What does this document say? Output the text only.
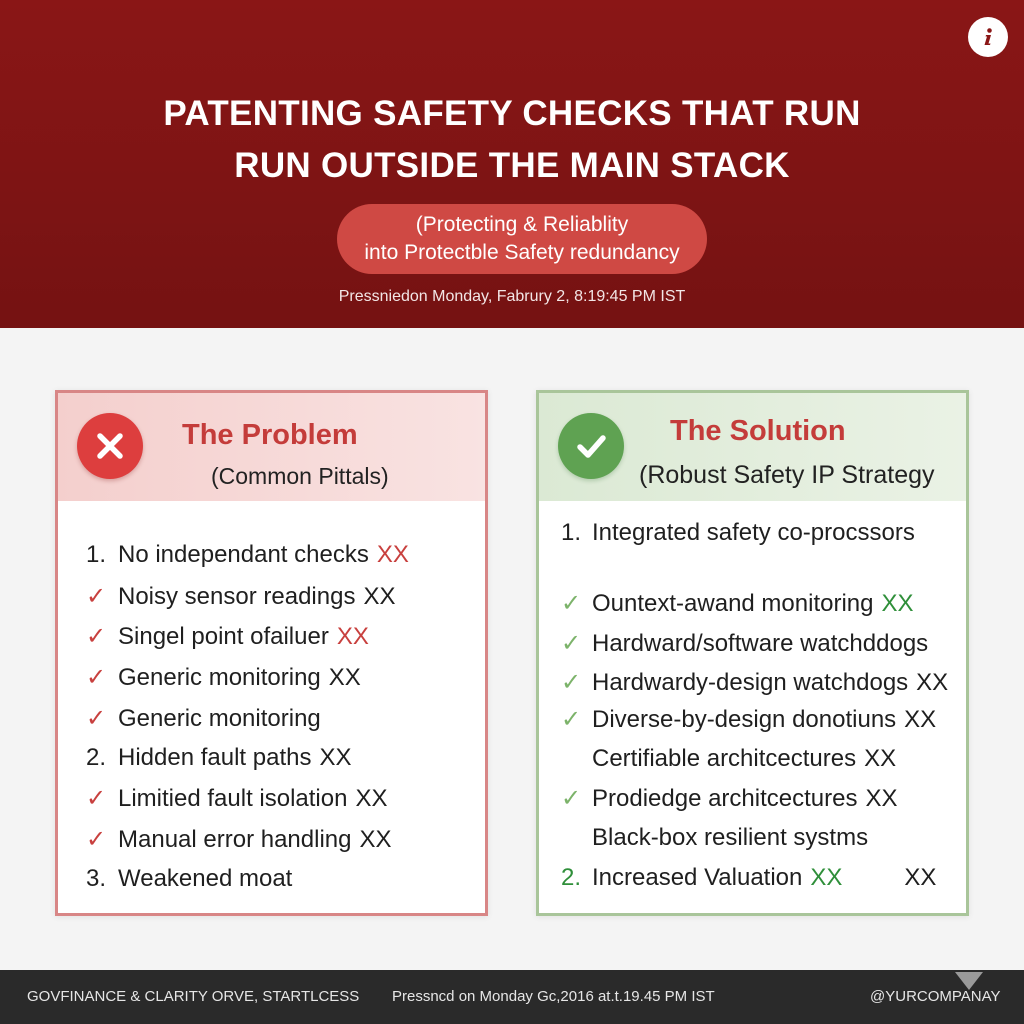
PATENTING SAFETY CHECKS THAT RUN
RUN OUTSIDE THE MAIN STACK
(Protecting & Reliablity
into Protectble Safety redundancy
Pressniedon Monday, Fabrury 2, 8:19:45 PM IST
The Problem
(Common Pittals)
1. No independant checks XX
✓ Noisy sensor readings XX
✓ Singel point ofailuer XX
✓ Generic monitoring XX
✓ Generic monitoring
2. Hidden fault paths XX
✓ Limitied fault isolation XX
✓ Manual error handling XX
3. Weakened moat
The Solution
(Robust Safety IP Strategy
1. Integrated safety co-procssors
✓ Ountext-awand monitoring XX
✓ Hardward/software watchddogs
✓ Hardwardy-design watchdogs XX
✓ Diverse-by-design donotiuns XX
Certifiable architcectures XX
✓ Prodiedge architcectures XX
Black-box resilient systms
2. Increased Valuation XX	XX
GOVFINANCE & CLARITY ORVE, STARTLCESS Pressncd on Monday Gc,2016 at.t.19.45 PM IST	@YURCOMPANAY
